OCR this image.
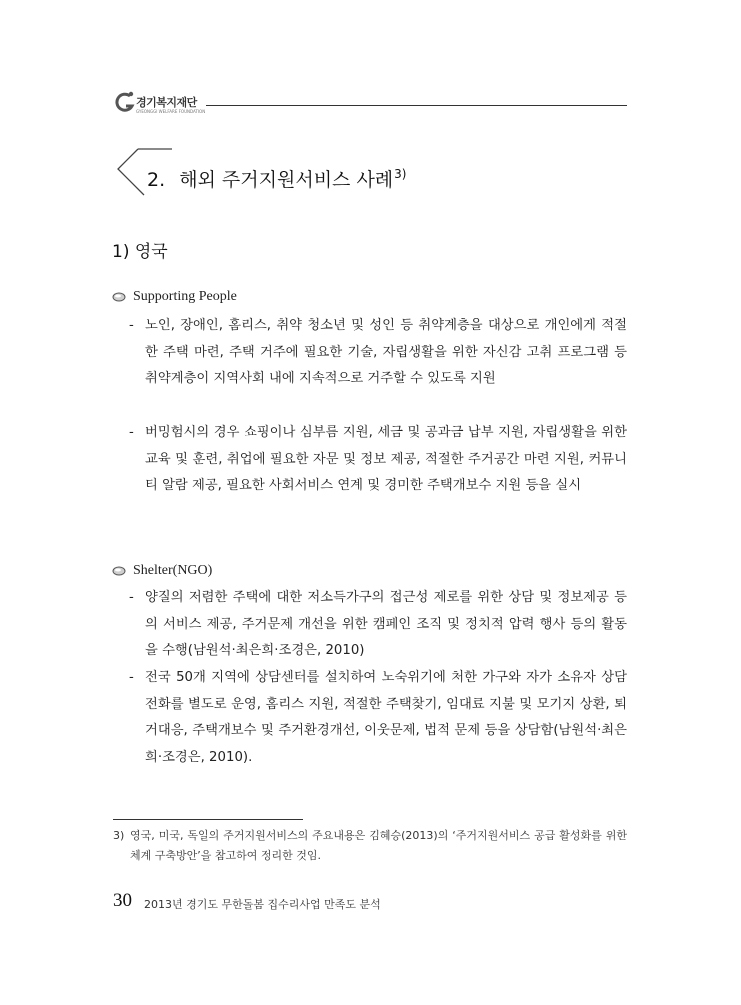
경기복지재단
GYEONGGI WELFARE FOUNDATION
2. 해외 주거지원서비스 사례$^{3)}$
1) 영국
Supporting People
- 노인, 장애인, 홈리스, 취약 청소년 및 성인 등 취약계층을 대상으로 개인에게 적절한 주택 마련, 주택 거주에 필요한 기술, 자립생활을 위한 자신감 고취 프로그램 등 취약계층이 지역사회 내에 지속적으로 거주할 수 있도록 지원
- 버밍험시의 경우 쇼핑이나 심부름 지원, 세금 및 공과금 납부 지원, 자립생활을 위한 교육 및 훈련, 취업에 필요한 자문 및 정보 제공, 적절한 주거공간 마련 지원, 커뮤니티 알람 제공, 필요한 사회서비스 연계 및 경미한 주택개보수 지원 등을 실시
Shelter(NGO)
- 양질의 저렴한 주택에 대한 저소득가구의 접근성 제로를 위한 상담 및 정보제공 등의 서비스 제공, 주거문제 개선을 위한 캠페인 조직 및 정치적 압력 행사 등의 활동을 수행(남원석·최은희·조경은, 2010)
- 전국 50개 지역에 상담센터를 설치하여 노숙위기에 처한 가구와 자가 소유자 상담전화를 별도로 운영, 홈리스 지원, 적절한 주택찾기, 임대료 지불 및 모기지 상환, 퇴거대응, 주택개보수 및 주거환경개선, 이웃문제, 법적 문제 등을 상담함(남원석·최은희·조경은, 2010).
3) 영국, 미국, 독일의 주거지원서비스의 주요내용은 김혜승(2013)의 ‘주거지원서비스 공급 활성화를 위한 체계 구축방안’을 참고하여 정리한 것임.
30 2013년 경기도 무한돌봄 집수리사업 만족도 분석
